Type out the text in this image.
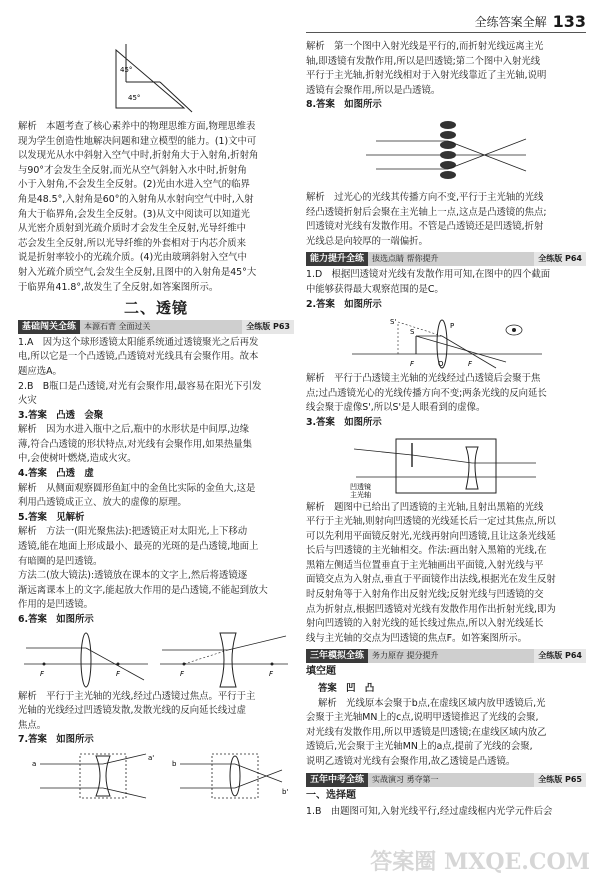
全练答案全解 133
45°
45°

解析　本题考查了核心素养中的物理思维方面,物理思维表

现为学生创造性地解决问题和建立模型的能力。(1)文中可

以发现光从水中斜射入空气中时,折射角大于入射角,折射角

与90°才会发生全反射,而光从空气斜射入水中时,折射角

小于入射角,不会发生全反射。(2)光由水进入空气的临界

角是48.5°,入射角是60°的入射角从水射向空气中时,入射

角大于临界角,会发生全反射。(3)从文中阅读可以知道光

从光密介质射到光疏介质时才会发生全反射,光导纤维中

芯会发生全反射,所以光导纤维的外套相对于内芯介质来

说是折射率较小的光疏介质。(4)光由玻璃斜射入空气中

射入光疏介质空气,会发生全反射,且图中的入射角是45°大

于临界角41.8°,故发生了全反射,如答案图所示。

二、透镜
基础闯关全练	本源石背 全面过关	全练版 P63

1.A　因为这个球形透镜太阳能系统通过透镜聚光之后再发

电,所以它是一个凸透镜,凸透镜对光线具有会聚作用。故本

题应选A。

2.B　B瓶口是凸透镜,对光有会聚作用,最容易在阳光下引发

火灾

3.答案　凸透　会聚

解析　因为水进入瓶中之后,瓶中的水形状是中间厚,边缘

薄,符合凸透镜的形状特点,对光线有会聚作用,如果热量集

中,会使树叶燃烧,造成火灾。

4.答案　凸透　虚

解析　从侧面观察圆形鱼缸中的金鱼比实际的金鱼大,这是

利用凸透镜成正立、放大的虚像的原理。

5.答案　见解析

解析　方法一(阳光聚焦法):把透镜正对太阳光,上下移动

透镜,能在地面上形成最小、最亮的光斑的是凸透镜,地面上

有暗圈的是凹透镜。

方法二(放大镜法):透镜放在课本的文字上,然后将透镜逐

渐远离课本上的文字,能起放大作用的是凸透镜,不能起到放大

作用的是凹透镜。

6.答案　如图所示

F	F	F	F

解析　平行于主光轴的光线,经过凸透镜过焦点。平行于主

光轴的光线经过凹透镜发散,发散光线的反向延长线过虚

焦点。

7.答案　如图所示

a
a'
b
b'

解析　第一个图中入射光线是平行的,而折射光线远离主光

轴,即透镜有发散作用,所以是凹透镜;第二个图中入射光线

平行于主光轴,折射光线相对于入射光线靠近了主光轴,说明

透镜有会聚作用,所以是凸透镜。

8.答案　如图所示

解析　过光心的光线其传播方向不变,平行于主光轴的光线

经凸透镜折射后会聚在主光轴上一点,这点是凸透镜的焦点;

凹透镜对光线有发散作用。不管是凸透镜还是凹透镜,折射

光线总是向较厚的一端偏折。

能力提升全练	拔选点睛 帮你提升	全练版 P64

1.D　根据凹透镜对光线有发散作用可知,在图中的四个截面

中能够获得最大观察范围的是C。

2.答案　如图所示

S'
S
P
F	O	F

解析　平行于凸透镜主光轴的光线经过凸透镜后会聚于焦

点;过凸透镜光心的光线传播方向不变;两条光线的反向延长

线会聚于虚像S',所以S'是人眼看到的虚像。

3.答案　如图所示

凹透镜
主光轴

解析　题图中已给出了凹透镜的主光轴,且射出黑箱的光线

平行于主光轴,则射向凹透镜的光线延长后一定过其焦点,所以

可以先利用平面镜反射光,光线再射向凹透镜,且让这条光线延

长后与凹透镜的主光轴相交。作法:画出射入黑箱的光线,在

黑箱左侧适当位置垂直于主光轴画出平面镜,入射光线与平

面镜交点为入射点,垂直于平面镜作出法线,根据光在发生反射

时反射角等于入射角作出反射光线;反射光线与凹透镜的交

点为折射点,根据凹透镜对光线有发散作用作出折射光线,即为

射向凹透镜的入射光线的延长线过焦点,所以入射光线延长

线与主光轴的交点为凹透镜的焦点F。如答案图所示。

三年模拟全练	务力原存 提分提升	全练版 P64

填空题

答案　凹　凸

解析　光线原本会聚于b点,在虚线区域内放甲透镜后,光

会聚于主光轴MN上的c点,说明甲透镜推迟了光线的会聚,

对光线有发散作用,所以甲透镜是凹透镜;在虚线区域内放乙

透镜后,光会聚于主光轴MN上的a点,提前了光线的会聚,

说明乙透镜对光线有会聚作用,故乙透镜是凸透镜。

五年中考全练	实战演习 勇夺第一	全练版 P65

一、选择题

1.B　由题图可知,入射光线平行,经过虚线框内光学元件后会

答案圈 MXQE.COM
